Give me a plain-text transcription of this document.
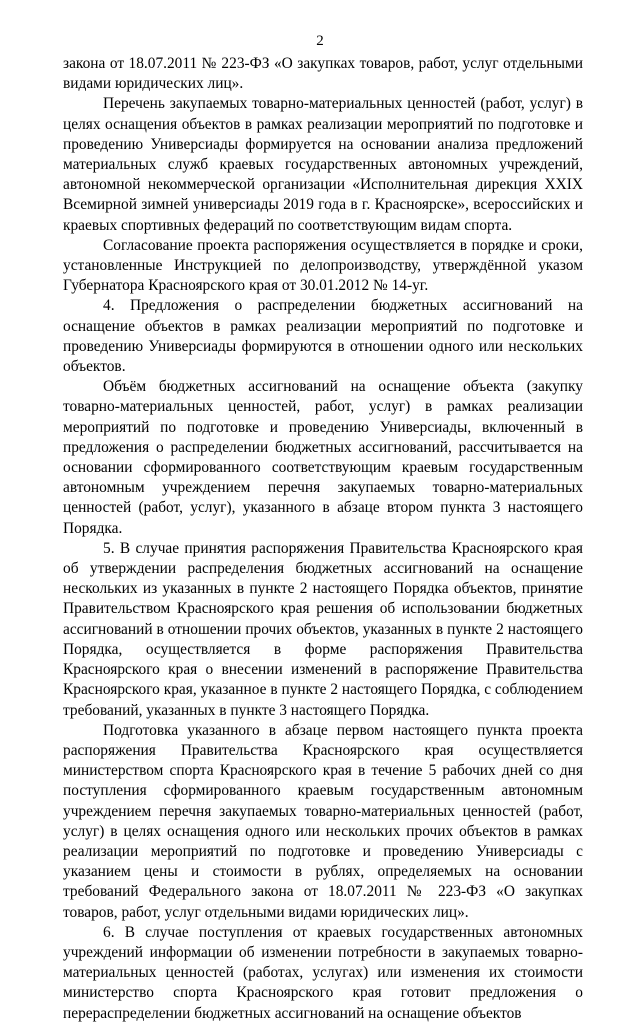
2

закона от 18.07.2011 № 223-ФЗ «О закупках товаров, работ, услуг отдельными видами юридических лиц».

Перечень закупаемых товарно-материальных ценностей (работ, услуг) в целях оснащения объектов в рамках реализации мероприятий по подготовке и проведению Универсиады формируется на основании анализа предложений материальных служб краевых государственных автономных учреждений, автономной некоммерческой организации «Исполнительная дирекция XXIX Всемирной зимней универсиады 2019 года в г. Красноярске», всероссийских и краевых спортивных федераций по соответствующим видам спорта.

Согласование проекта распоряжения осуществляется в порядке и сроки, установленные Инструкцией по делопроизводству, утверждённой указом Губернатора Красноярского края от 30.01.2012 № 14-уг.

4. Предложения о распределении бюджетных ассигнований на оснащение объектов в рамках реализации мероприятий по подготовке и проведению Универсиады формируются в отношении одного или нескольких объектов.

Объём бюджетных ассигнований на оснащение объекта (закупку товарно-материальных ценностей, работ, услуг) в рамках реализации мероприятий по подготовке и проведению Универсиады, включенный в предложения о распределении бюджетных ассигнований, рассчитывается на основании сформированного соответствующим краевым государственным автономным учреждением перечня закупаемых товарно-материальных ценностей (работ, услуг), указанного в абзаце втором пункта 3 настоящего Порядка.

5. В случае принятия распоряжения Правительства Красноярского края об утверждении распределения бюджетных ассигнований на оснащение нескольких из указанных в пункте 2 настоящего Порядка объектов, принятие Правительством Красноярского края решения об использовании бюджетных ассигнований в отношении прочих объектов, указанных в пункте 2 настоящего Порядка, осуществляется в форме распоряжения Правительства Красноярского края о внесении изменений в распоряжение Правительства Красноярского края, указанное в пункте 2 настоящего Порядка, с соблюдением требований, указанных в пункте 3 настоящего Порядка.

Подготовка указанного в абзаце первом настоящего пункта проекта распоряжения Правительства Красноярского края осуществляется министерством спорта Красноярского края в течение 5 рабочих дней со дня поступления сформированного краевым государственным автономным учреждением перечня закупаемых товарно-материальных ценностей (работ, услуг) в целях оснащения одного или нескольких прочих объектов в рамках реализации мероприятий по подготовке и проведению Универсиады с указанием цены и стоимости в рублях, определяемых на основании требований Федерального закона от 18.07.2011 № 223-ФЗ «О закупках товаров, работ, услуг отдельными видами юридических лиц».

6. В случае поступления от краевых государственных автономных учреждений информации об изменении потребности в закупаемых товарно-материальных ценностей (работах, услугах) или изменения их стоимости министерство спорта Красноярского края готовит предложения о перераспределении бюджетных ассигнований на оснащение объектов
